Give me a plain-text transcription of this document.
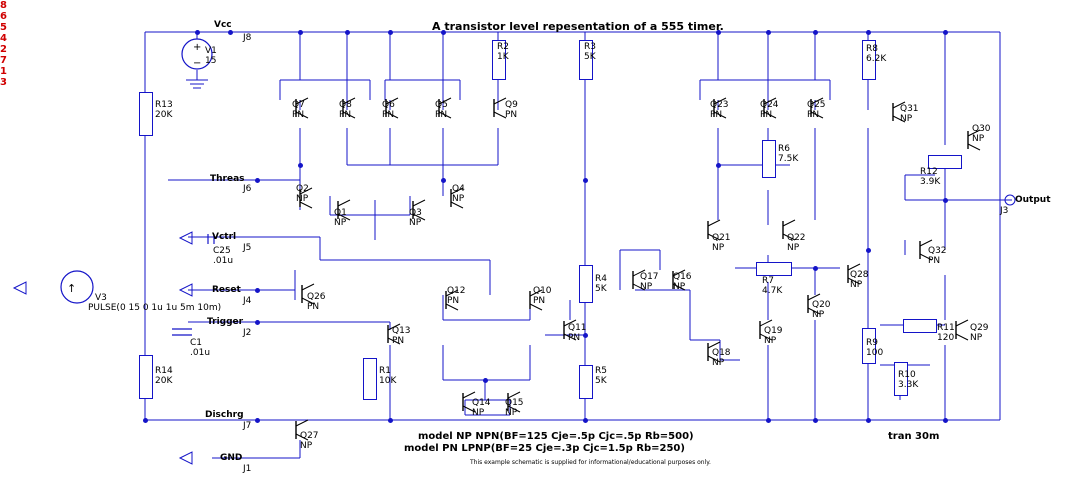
A transistor level repesentation of a 555 timer.
+
−
V1
15
↑
V3
PULSE(0 15 0 1u 1u 5m 10m)
R13
20K
R14
20K
R1
10K
R2
1K
R3
5K
R4
5K
R5
5K
R6
7.5K
R7
4.7K
R8
6.2K
R9
100
R10
3.3K
R11
120
R12
3.9K
C1
.01u
C25
.01u
Vcc
8
J8
Threas
6
J6
Vctrl
5
J5
Reset
4
J4
Trigger
2
J2
Dischrg
7
J7
GND
1
J1
Output
3
J3
Q7
PN
Q8
PN
Q6
PN
Q5
PN
Q9
PN
Q23
PN
Q24
PN
Q25
PN
Q31
NP
Q30
NP
Q2
NP
Q1
NP
Q3
NP
Q4
NP
Q12
PN
Q10
PN
Q11
PN
Q13
PN
Q14
NP
Q15
NP
Q26
PN
Q27
NP
Q17
NP
Q16
NP
Q21
NP
Q22
NP
Q18
NP
Q19
NP
Q20
NP
Q28
NP
Q29
NP
Q32
PN
model NP NPN(BF=125 Cje=.5p Cjc=.5p Rb=500)
model PN LPNP(BF=25 Cje=.3p Cjc=1.5p Rb=250)
This example schematic is supplied for informational/educational purposes only.
tran 30m
